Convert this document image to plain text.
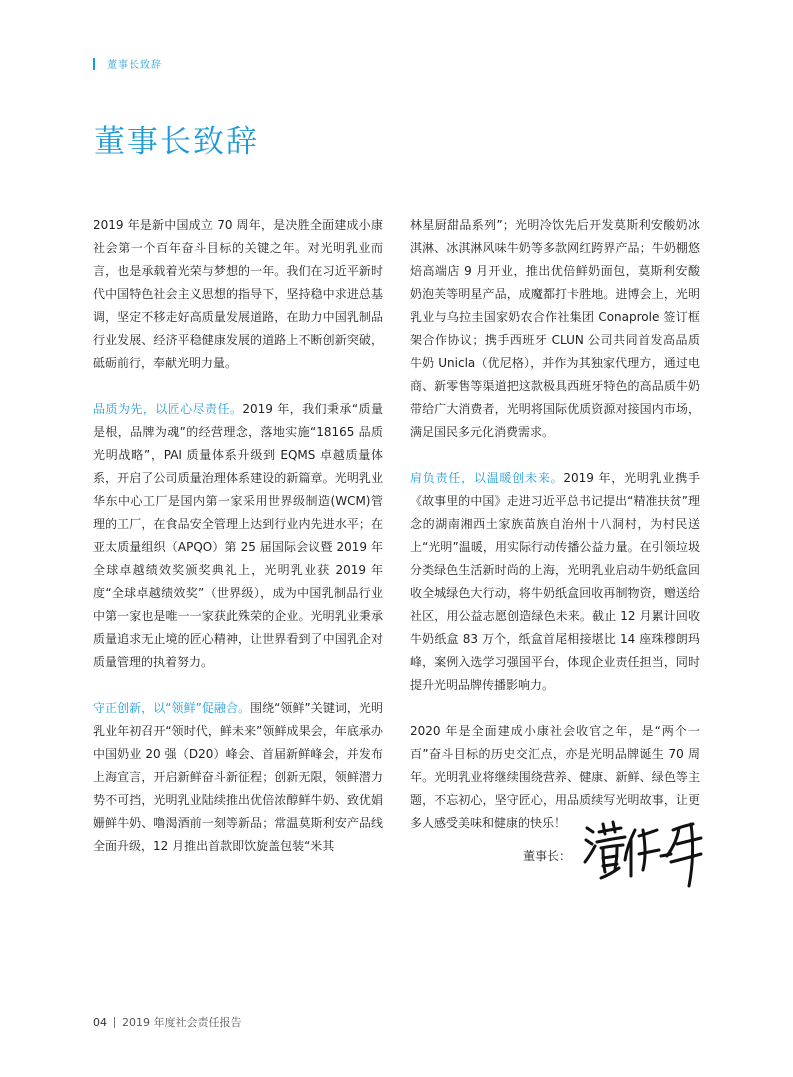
董事长致辞
董事长致辞

2019 年是新中国成立 70 周年，是决胜全面建成小康社会第一个百年奋斗目标的关键之年。对光明乳业而言，也是承载着光荣与梦想的一年。我们在习近平新时代中国特色社会主义思想的指导下，坚持稳中求进总基调，坚定不移走好高质量发展道路，在助力中国乳制品行业发展、经济平稳健康发展的道路上不断创新突破，砥砺前行，奉献光明力量。

品质为先，以匠心尽责任。2019 年，我们秉承“质量是根，品牌为魂”的经营理念，落地实施“18165 品质光明战略”，PAI 质量体系升级到 EQMS 卓越质量体系，开启了公司质量治理体系建设的新篇章。光明乳业华东中心工厂是国内第一家采用世界级制造(WCM)管理的工厂，在食品安全管理上达到行业内先进水平；在亚太质量组织（APQO）第 25 届国际会议暨 2019 年全球卓越绩效奖颁奖典礼上，光明乳业获 2019 年度“全球卓越绩效奖”（世界级），成为中国乳制品行业中第一家也是唯一一家获此殊荣的企业。光明乳业秉承质量追求无止境的匠心精神，让世界看到了中国乳企对质量管理的执着努力。

守正创新，以“领鲜”促融合。围绕“领鲜”关键词，光明乳业年初召开“领时代，鲜未来”领鲜成果会，年底承办中国奶业 20 强（D20）峰会、首届新鲜峰会，并发布上海宣言，开启新鲜奋斗新征程；创新无限，领鲜潜力势不可挡，光明乳业陆续推出优倍浓醇鲜牛奶、致优娟姗鲜牛奶、噜渴酒前一刻等新品；常温莫斯利安产品线全面升级，12 月推出首款即饮旋盖包装“米其

林星厨甜品系列”；光明冷饮先后开发莫斯利安酸奶冰淇淋、冰淇淋风味牛奶等多款网红跨界产品；牛奶棚悠焙高端店 9 月开业，推出优倍鲜奶面包，莫斯利安酸奶泡芙等明星产品，成魔都打卡胜地。进博会上，光明乳业与乌拉圭国家奶农合作社集团 Conaprole 签订框架合作协议；携手西班牙 CLUN 公司共同首发高品质牛奶 Unicla（优尼格），并作为其独家代理方，通过电商、新零售等渠道把这款极具西班牙特色的高品质牛奶带给广大消费者，光明将国际优质资源对接国内市场，满足国民多元化消费需求。

肩负责任，以温暖创未来。2019 年，光明乳业携手《故事里的中国》走进习近平总书记提出“精准扶贫”理念的湖南湘西土家族苗族自治州十八洞村，为村民送上“光明”温暖，用实际行动传播公益力量。在引领垃圾分类绿色生活新时尚的上海，光明乳业启动牛奶纸盒回收全城绿色大行动，将牛奶纸盒回收再制物资，赠送给社区，用公益志愿创造绿色未来。截止 12 月累计回收牛奶纸盒 83 万个，纸盒首尾相接堪比 14 座珠穆朗玛峰，案例入选学习强国平台，体现企业责任担当，同时提升光明品牌传播影响力。

2020 年是全面建成小康社会收官之年，是“两个一百”奋斗目标的历史交汇点，亦是光明品牌诞生 70 周年。光明乳业将继续围绕营养、健康、新鲜、绿色等主题，不忘初心，坚守匠心，用品质续写光明故事，让更多人感受美味和健康的快乐！

董事长：
04 2019 年度社会责任报告
